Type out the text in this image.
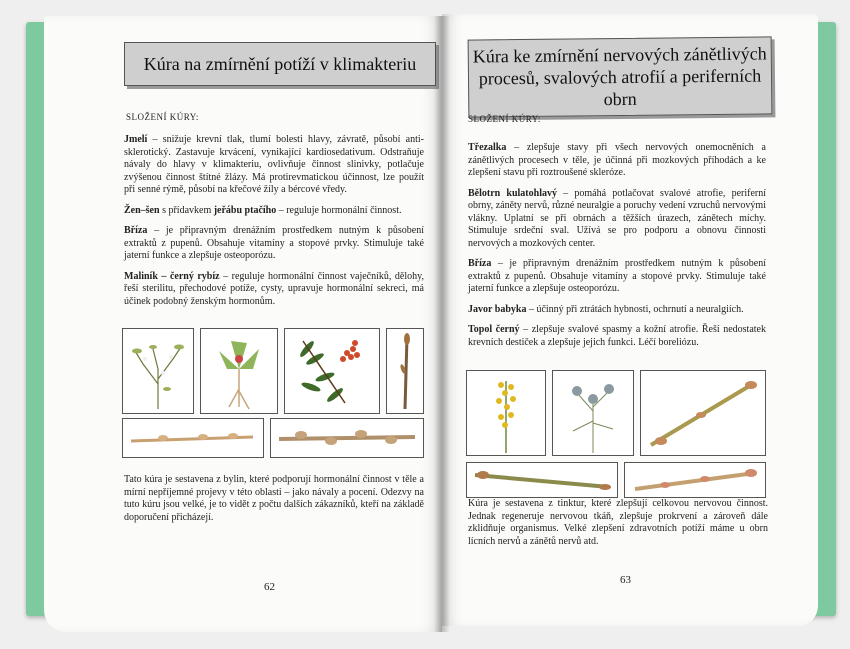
Kúra na zmírnění potíží v klimakteriu
SLOŽENÍ KÚRY:

Jmelí – snižuje krevní tlak, tlumí bolesti hlavy, závratě, působí anti-sklerotický. Zastavuje krvácení, vynikající kardiosedativum. Odstraňuje návaly do hlavy v klimakteriu, ovlivňuje činnost slinivky, potlačuje zvýšenou činnost štítné žlázy. Má protirevmatickou účinnost, lze použít při senné rýmě, působí na křečové žíly a bércové vředy.

Žen–šen s přídavkem jeřábu ptačího – reguluje hormonální činnost.

Bříza – je připravným drenážním prostředkem nutným k působení extraktů z pupenů. Obsahuje vitamíny a stopové prvky. Stimuluje také jaterní funkce a zlepšuje osteoporózu.

Maliník – černý rybíz – reguluje hormonální činnost vaječníků, dělohy, řeší sterilitu, přechodové potíže, cysty, upravuje hormonální sekreci, má účinek podobný ženským hormonům.

Tato kúra je sestavena z bylin, které podporují hormonální činnost v těle a mírní nepříjemné projevy v této oblasti – jako návaly a pocení. Odezvy na tuto kúru jsou velké, je to vidět z počtu dalších zákazníků, kteří na základě doporučení přicházejí.
62
Kúra ke zmírnění nervových zánětlivých procesů, svalových atrofií a periferních obrn
SLOŽENÍ KÚRY:

Třezalka – zlepšuje stavy při všech nervových onemocněních a zánětlivých procesech v těle, je účinná při mozkových příhodách a ke zlepšení stavu při roztroušené skleróze.

Bělotrn kulatohlavý – pomáhá potlačovat svalové atrofie, periferní obrny, záněty nervů, různé neuralgie a poruchy vedení vzruchů nervovými vlákny. Uplatní se při obrnách a těžších úrazech, zánětech míchy. Stimuluje srdeční sval. Užívá se pro podporu a obnovu činnosti nervových a mozkových center.

Bříza – je připravným drenážním prostředkem nutným k působení extraktů z pupenů. Obsahuje vitamíny a stopové prvky. Stimuluje také jaterní funkce a zlepšuje osteoporózu.

Javor babyka – účinný při ztrátách hybnosti, ochrnutí a neuralgiích.

Topol černý – zlepšuje svalové spasmy a kožní atrofie. Řeší nedostatek krevních destiček a zlepšuje jejich funkci. Léčí boreliózu.

Kúra je sestavena z tinktur, které zlepšují celkovou nervovou činnost. Jednak regeneruje nervovou tkáň, zlepšuje prokrvení a zároveň dále zklidňuje organismus. Velké zlepšení zdravotních potíží máme u obrn lícních nervů a zánětů nervů atd.
63
